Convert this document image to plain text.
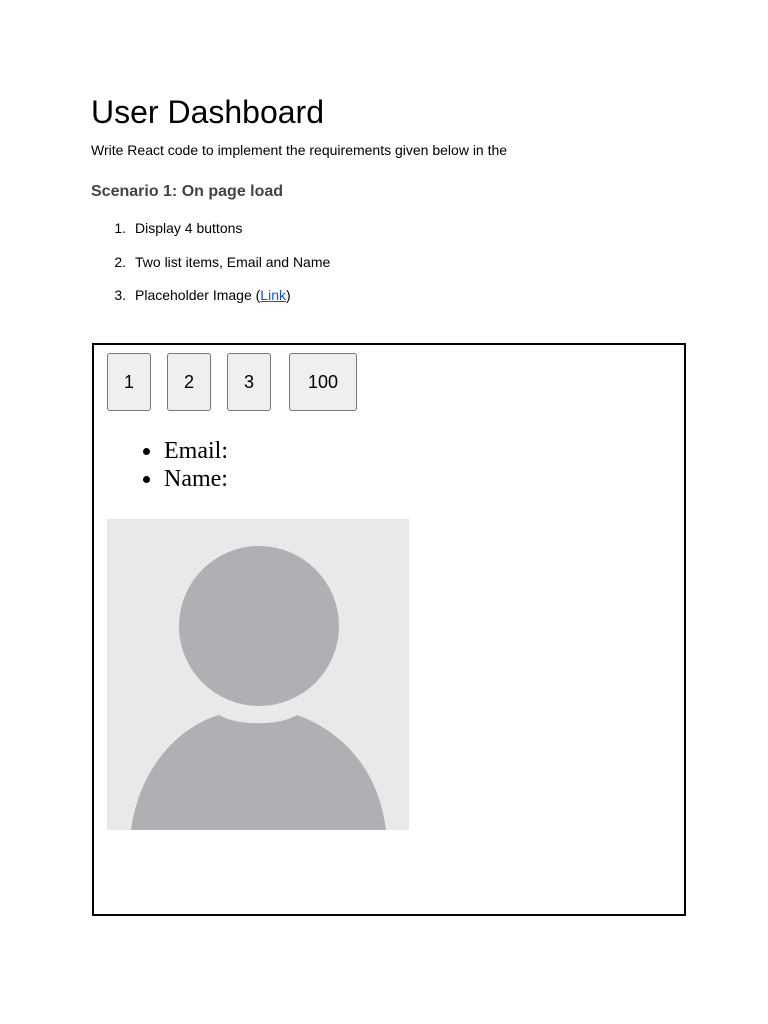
User Dashboard

Write React code to implement the requirements given below in the

Scenario 1: On page load
1. Display 4 buttons
2. Two list items, Email and Name
3. Placeholder Image (Link)
1	2	3	100
Email:
Name:
